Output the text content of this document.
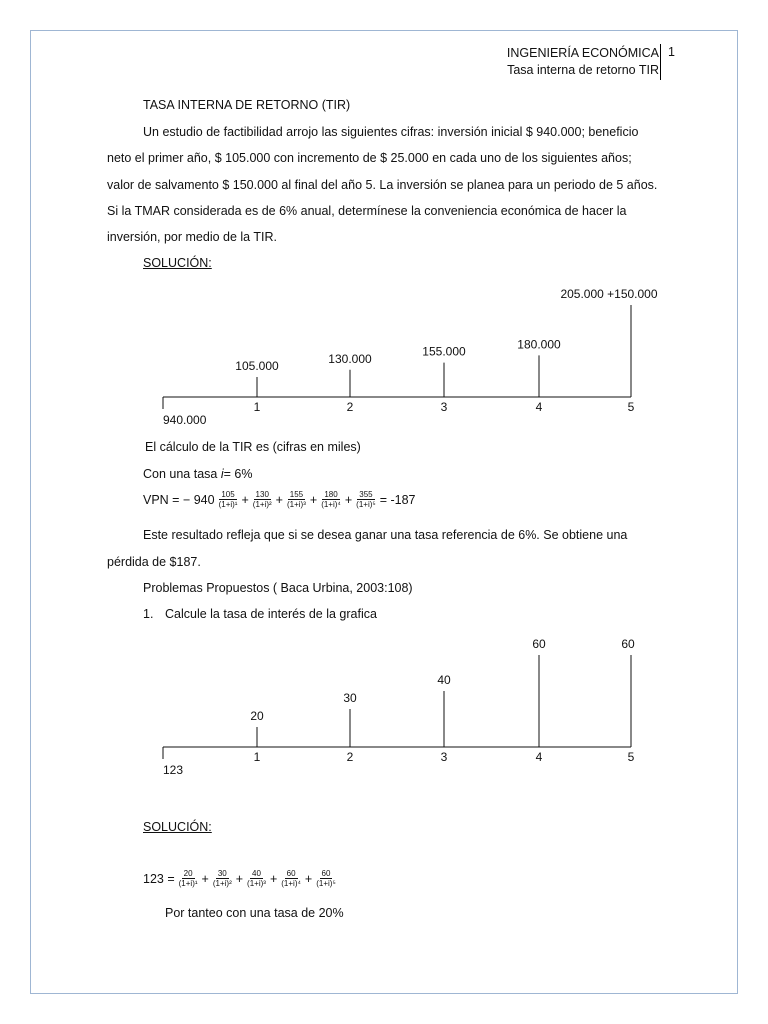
INGENIERÍA ECONÓMICA
Tasa interna de retorno TIR
1
TASA INTERNA DE RETORNO (TIR)
Un estudio de factibilidad arrojo las siguientes cifras: inversión inicial $ 940.000; beneficio
neto el primer año, $ 105.000 con incremento de $ 25.000 en cada uno de los siguientes años;
valor de salvamento $ 150.000 al final del año 5. La inversión se planea para un periodo de 5 años.
Si la TMAR considerada es de 6% anual, determínese la conveniencia económica de hacer la
inversión, por medio de la TIR.
SOLUCIÓN:
940.000
105.000
1
130.000
2
155.000
3
180.000
4
205.000 +150.000
5
El cálculo de la TIR es (cifras en miles)
Con una tasa i= 6%
VPN = − $940 \frac{105}{\text{(1+i)¹}} + \frac{130}{\text{(1+i)²}} + \frac{155}{\text{(1+i)³}} + \frac{180}{\text{(1+i)⁴}} + \frac{355}{\text{(1+i)⁵}} = -187$
Este resultado refleja que si se desea ganar una tasa referencia de 6%. Se obtiene una
pérdida de $187.
Problemas Propuestos ( Baca Urbina, 2003:108)
1. Calcule la tasa de interés de la grafica
123
20
1
30
2
40
3
60
4
60
5
SOLUCIÓN:
$123 = \frac{20}{\text{(1+i)¹}} + \frac{30}{\text{(1+i)²}} + \frac{40}{\text{(1+i)³}} + \frac{60}{\text{(1+i)⁴}} + \frac{60}{\text{(1+i)⁵}}$
Por tanteo con una tasa de 20%
